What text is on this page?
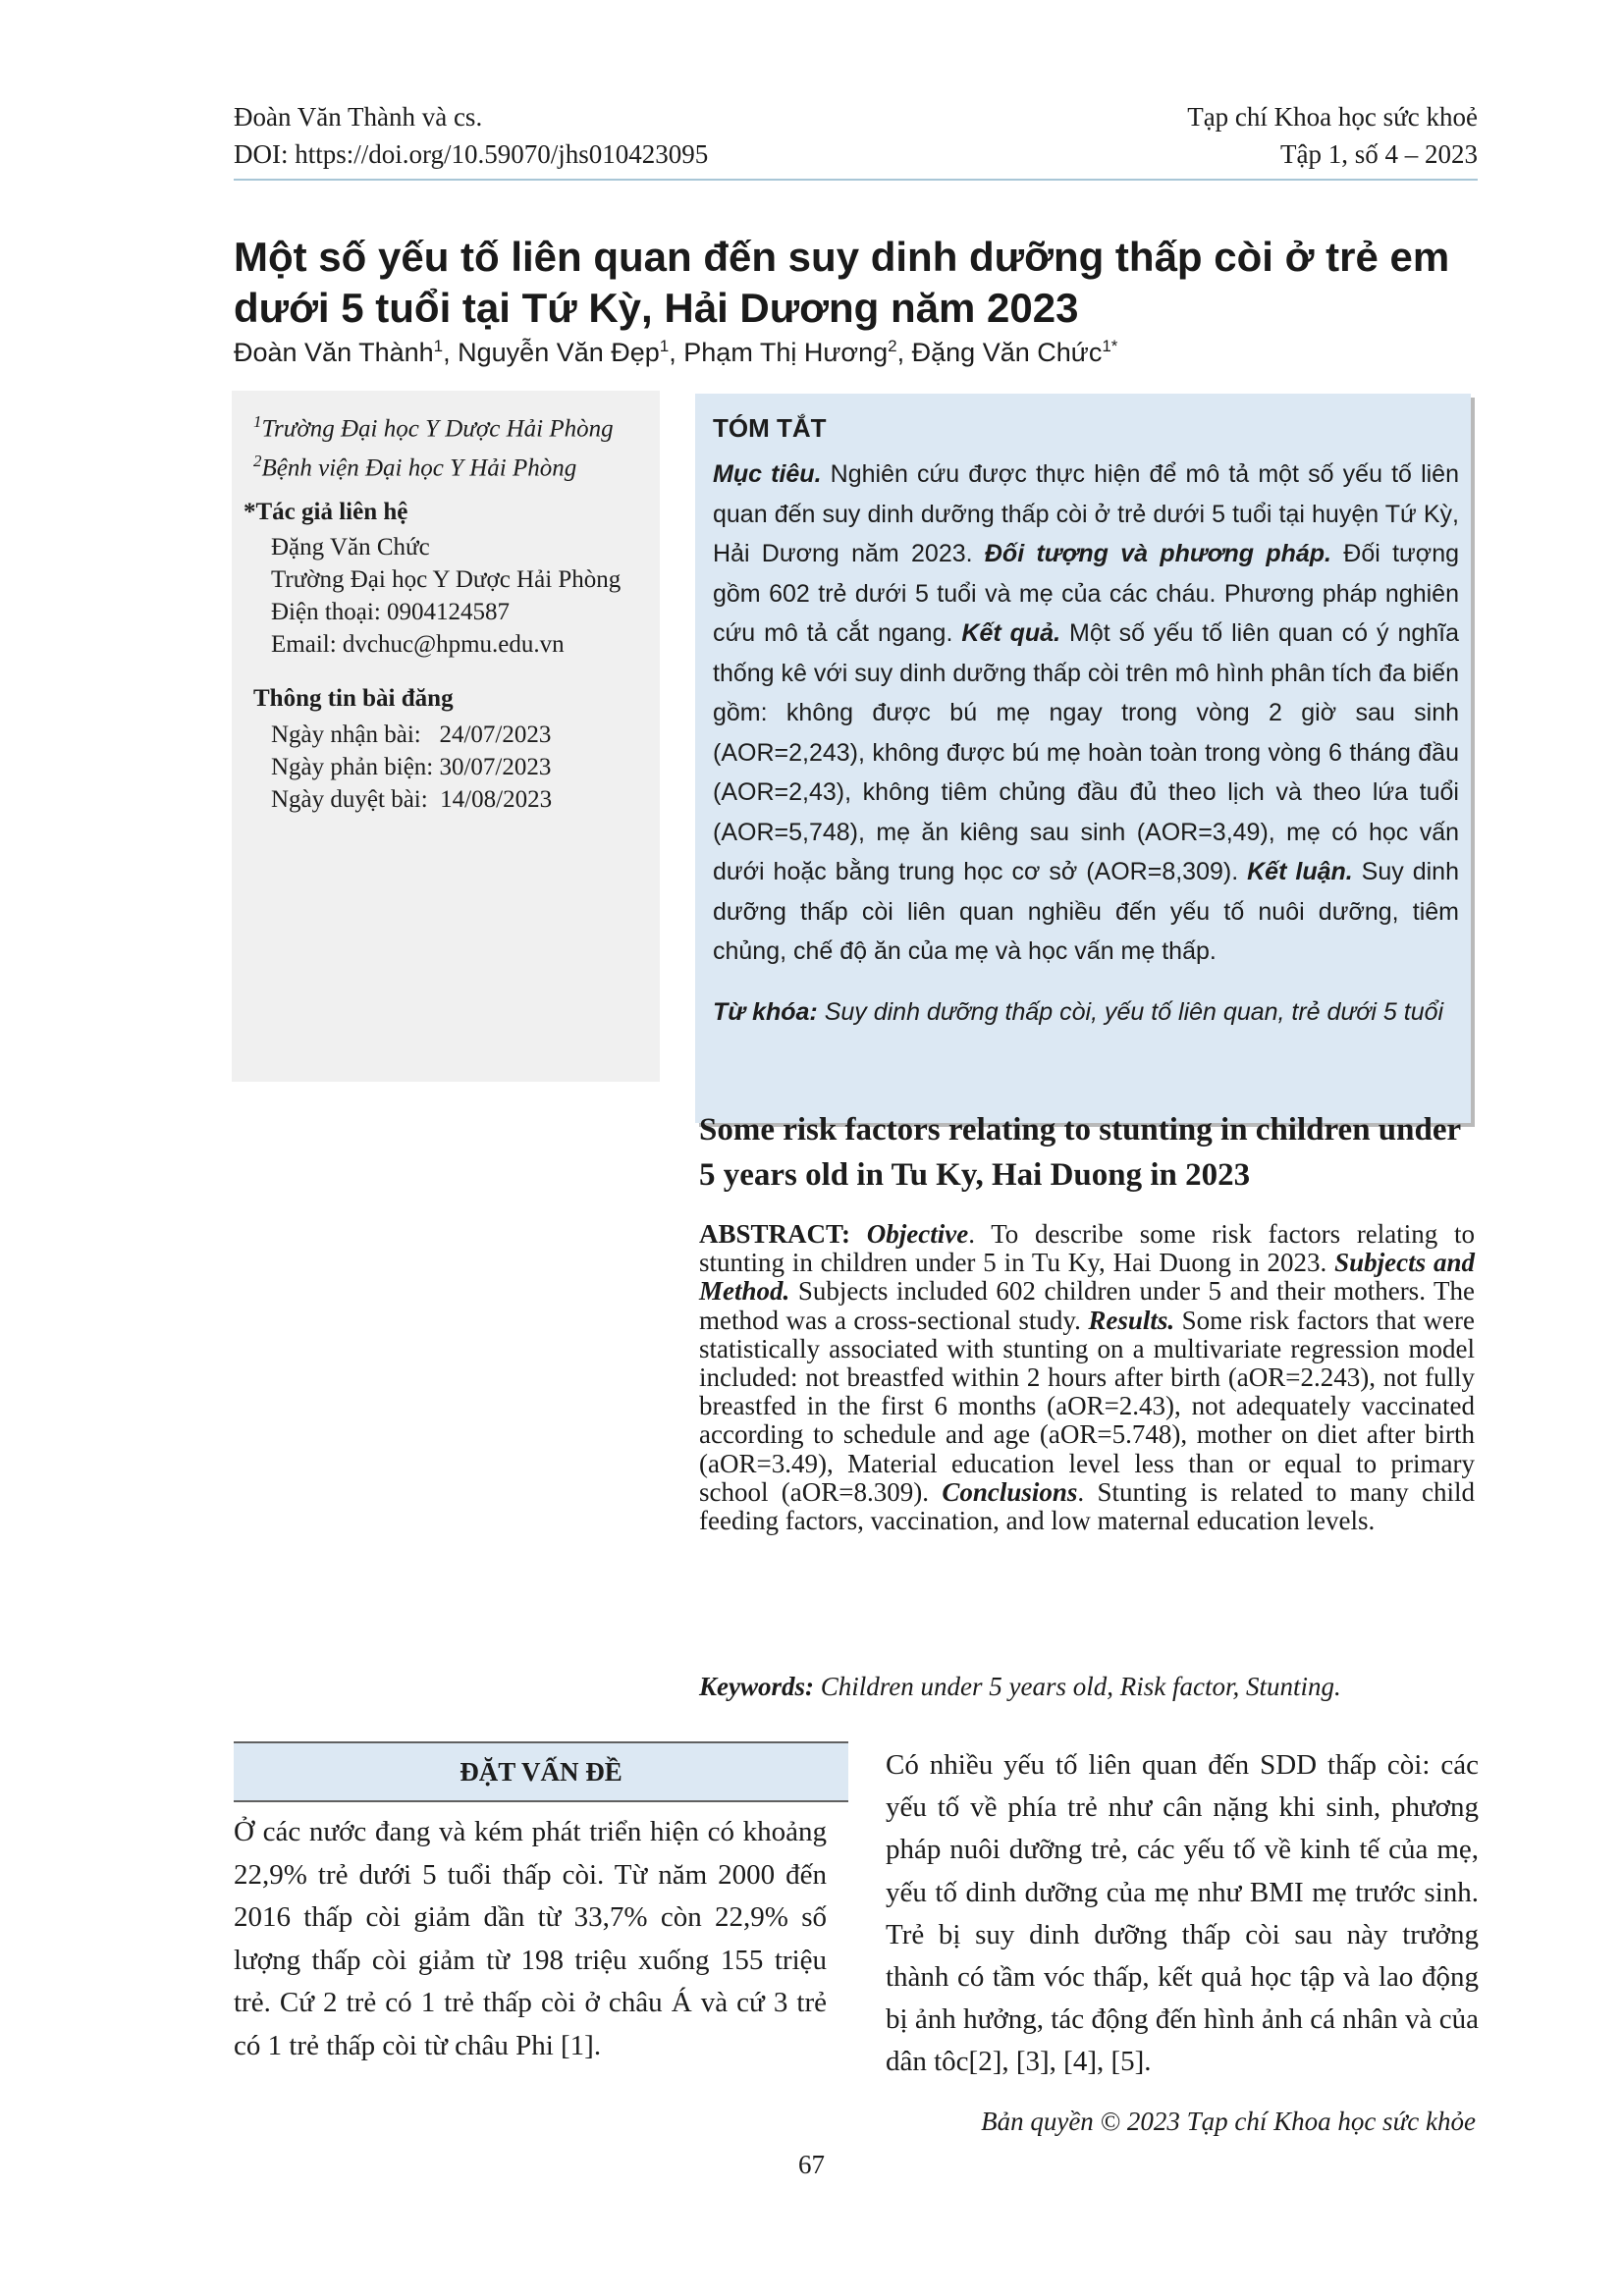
Đoàn Văn Thành và cs.
DOI: https://doi.org/10.59070/jhs010423095
Tạp chí Khoa học sức khoẻ
Tập 1, số 4 – 2023
Một số yếu tố liên quan đến suy dinh dưỡng thấp còi ở trẻ em dưới 5 tuổi tại Tứ Kỳ, Hải Dương năm 2023
Đoàn Văn Thành$^1$, Nguyễn Văn Đẹp$^1$, Phạm Thị Hương$^2$, Đặng Văn Chức$^{1*}$
$^1$Trường Đại học Y Dược Hải Phòng
$^2$Bệnh viện Đại học Y Hải Phòng
*Tác giả liên hệ
Đặng Văn Chức
Trường Đại học Y Dược Hải Phòng
Điện thoại: 0904124587
Email: dvchuc@hpmu.edu.vn
Thông tin bài đăng
Ngày nhận bài:   24/07/2023
Ngày phản biện: 30/07/2023
Ngày duyệt bài:  14/08/2023
TÓM TẮT
Mục tiêu. Nghiên cứu được thực hiện để mô tả một số yếu tố liên quan đến suy dinh dưỡng thấp còi ở trẻ dưới 5 tuổi tại huyện Tứ Kỳ, Hải Dương năm 2023. Đối tượng và phương pháp. Đối tượng gồm 602 trẻ dưới 5 tuổi và mẹ của các cháu. Phương pháp nghiên cứu mô tả cắt ngang. Kết quả. Một số yếu tố liên quan có ý nghĩa thống kê với suy dinh dưỡng thấp còi trên mô hình phân tích đa biến gồm: không được bú mẹ ngay trong vòng 2 giờ sau sinh (AOR=2,243), không được bú mẹ hoàn toàn trong vòng 6 tháng đầu (AOR=2,43), không tiêm chủng đầu đủ theo lịch và theo lứa tuổi (AOR=5,748), mẹ ăn kiêng sau sinh (AOR=3,49), mẹ có học vấn dưới hoặc bằng trung học cơ sở (AOR=8,309). Kết luận. Suy dinh dưỡng thấp còi liên quan nghiều đến yếu tố nuôi dưỡng, tiêm chủng, chế độ ăn của mẹ và học vấn mẹ thấp.
Từ khóa: Suy dinh dưỡng thấp còi, yếu tố liên quan, trẻ dưới 5 tuổi
Some risk factors relating to stunting in children under 5 years old in Tu Ky, Hai Duong in 2023
ABSTRACT: Objective. To describe some risk factors relating to stunting in children under 5 in Tu Ky, Hai Duong in 2023. Subjects and Method. Subjects included 602 children under 5 and their mothers. The method was a cross-sectional study. Results. Some risk factors that were statistically associated with stunting on a multivariate regression model included: not breastfed within 2 hours after birth (aOR=2.243), not fully breastfed in the first 6 months (aOR=2.43), not adequately vaccinated according to schedule and age (aOR=5.748), mother on diet after birth (aOR=3.49), Material education level less than or equal to primary school (aOR=8.309). Conclusions. Stunting is related to many child feeding factors, vaccination, and low maternal education levels.
Keywords: Children under 5 years old, Risk factor, Stunting.
ĐẶT VẤN ĐỀ
Ở các nước đang và kém phát triển hiện có khoảng 22,9% trẻ dưới 5 tuổi thấp còi. Từ năm 2000 đến 2016 thấp còi giảm dần từ 33,7% còn 22,9% số lượng thấp còi giảm từ 198 triệu xuống 155 triệu trẻ. Cứ 2 trẻ có 1 trẻ thấp còi ở châu Á và cứ 3 trẻ có 1 trẻ thấp còi từ châu Phi [1].
Có nhiều yếu tố liên quan đến SDD thấp còi: các yếu tố về phía trẻ như cân nặng khi sinh, phương pháp nuôi dưỡng trẻ, các yếu tố về kinh tế của mẹ, yếu tố dinh dưỡng của mẹ như BMI mẹ trước sinh. Trẻ bị suy dinh dưỡng thấp còi sau này trưởng thành có tầm vóc thấp, kết quả học tập và lao động bị ảnh hưởng, tác động đến hình ảnh cá nhân và của dân tôc[2], [3], [4], [5].
Bản quyền © 2023 Tạp chí Khoa học sức khỏe
67
